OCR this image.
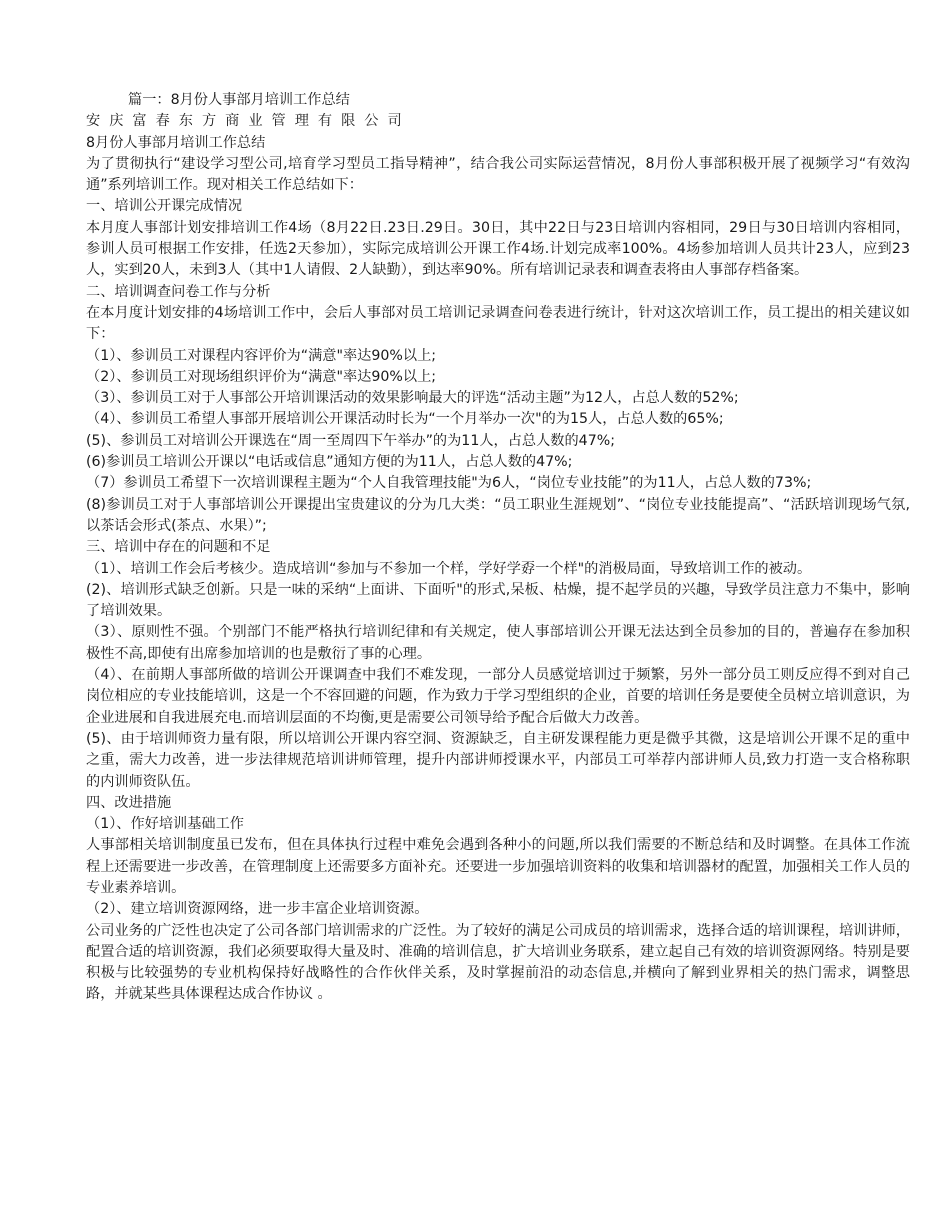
篇一：8月份人事部月培训工作总结

安庆富春东方商业管理有限公司

8月份人事部月培训工作总结

为了贯彻执行“建设学习型公司,培育学习型员工指导精神”，结合我公司实际运营情况，8月份人事部积极开展了视频学习“有效沟通”系列培训工作。现对相关工作总结如下：

一、培训公开课完成情况

本月度人事部计划安排培训工作4场（8月22日.23日.29日。30日，其中22日与23日培训内容相同，29日与30日培训内容相同，参训人员可根据工作安排，任选2天参加），实际完成培训公开课工作4场.计划完成率100%。4场参加培训人员共计23人，应到23人，实到20人，未到3人（其中1人请假、2人缺勤），到达率90%。所有培训记录表和调查表将由人事部存档备案。

二、培训调查问卷工作与分析

在本月度计划安排的4场培训工作中，会后人事部对员工培训记录调查问卷表进行统计，针对这次培训工作，员工提出的相关建议如下：

（1）、参训员工对课程内容评价为“满意"率达90%以上;

（2）、参训员工对现场组织评价为“满意"率达90%以上;

（3）、参训员工对于人事部公开培训课活动的效果影响最大的评选“活动主题”为12人，占总人数的52%;

（4）、参训员工希望人事部开展培训公开课活动时长为“一个月举办一次"的为15人，占总人数的65%;

(5)、参训员工对培训公开课选在“周一至周四下午举办”的为11人，占总人数的47%;

(6)参训员工培训公开课以“电话或信息”通知方便的为11人，占总人数的47%;

（7）参训员工希望下一次培训课程主题为“个人自我管理技能"为6人，“岗位专业技能”的为11人，占总人数的73%;

(8)参训员工对于人事部培训公开课提出宝贵建议的分为几大类：“员工职业生涯规划”、“岗位专业技能提高”、“活跃培训现场气氛,以茶话会形式(茶点、水果）”;

三、培训中存在的问题和不足

（1）、培训工作会后考核少。造成培训“参加与不参加一个样，学好学孬一个样"的消极局面，导致培训工作的被动。

(2)、培训形式缺乏创新。只是一味的采纳“上面讲、下面听"的形式,呆板、枯燥，提不起学员的兴趣，导致学员注意力不集中，影响了培训效果。

（3）、原则性不强。个别部门不能严格执行培训纪律和有关规定，使人事部培训公开课无法达到全员参加的目的，普遍存在参加积极性不高,即使有出席参加培训的也是敷衍了事的心理。

（4）、在前期人事部所做的培训公开课调查中我们不难发现，一部分人员感觉培训过于频繁，另外一部分员工则反应得不到对自己岗位相应的专业技能培训，这是一个不容回避的问题，作为致力于学习型组织的企业，首要的培训任务是要使全员树立培训意识，为企业进展和自我进展充电.而培训层面的不均衡,更是需要公司领导给予配合后做大力改善。

(5)、由于培训师资力量有限，所以培训公开课内容空洞、资源缺乏，自主研发课程能力更是微乎其微，这是培训公开课不足的重中之重，需大力改善，进一步法律规范培训讲师管理，提升内部讲师授课水平，内部员工可举荐内部讲师人员,致力打造一支合格称职的内训师资队伍。

四、改进措施

（1）、作好培训基础工作

人事部相关培训制度虽已发布，但在具体执行过程中难免会遇到各种小的问题,所以我们需要的不断总结和及时调整。在具体工作流程上还需要进一步改善，在管理制度上还需要多方面补充。还要进一步加强培训资料的收集和培训器材的配置，加强相关工作人员的专业素养培训。

（2）、建立培训资源网络，进一步丰富企业培训资源。

公司业务的广泛性也决定了公司各部门培训需求的广泛性。为了较好的满足公司成员的培训需求，选择合适的培训课程，培训讲师，配置合适的培训资源，我们必须要取得大量及时、准确的培训信息，扩大培训业务联系，建立起自己有效的培训资源网络。特别是要积极与比较强势的专业机构保持好战略性的合作伙伴关系，及时掌握前沿的动态信息,并横向了解到业界相关的热门需求，调整思路，并就某些具体课程达成合作协议 。
